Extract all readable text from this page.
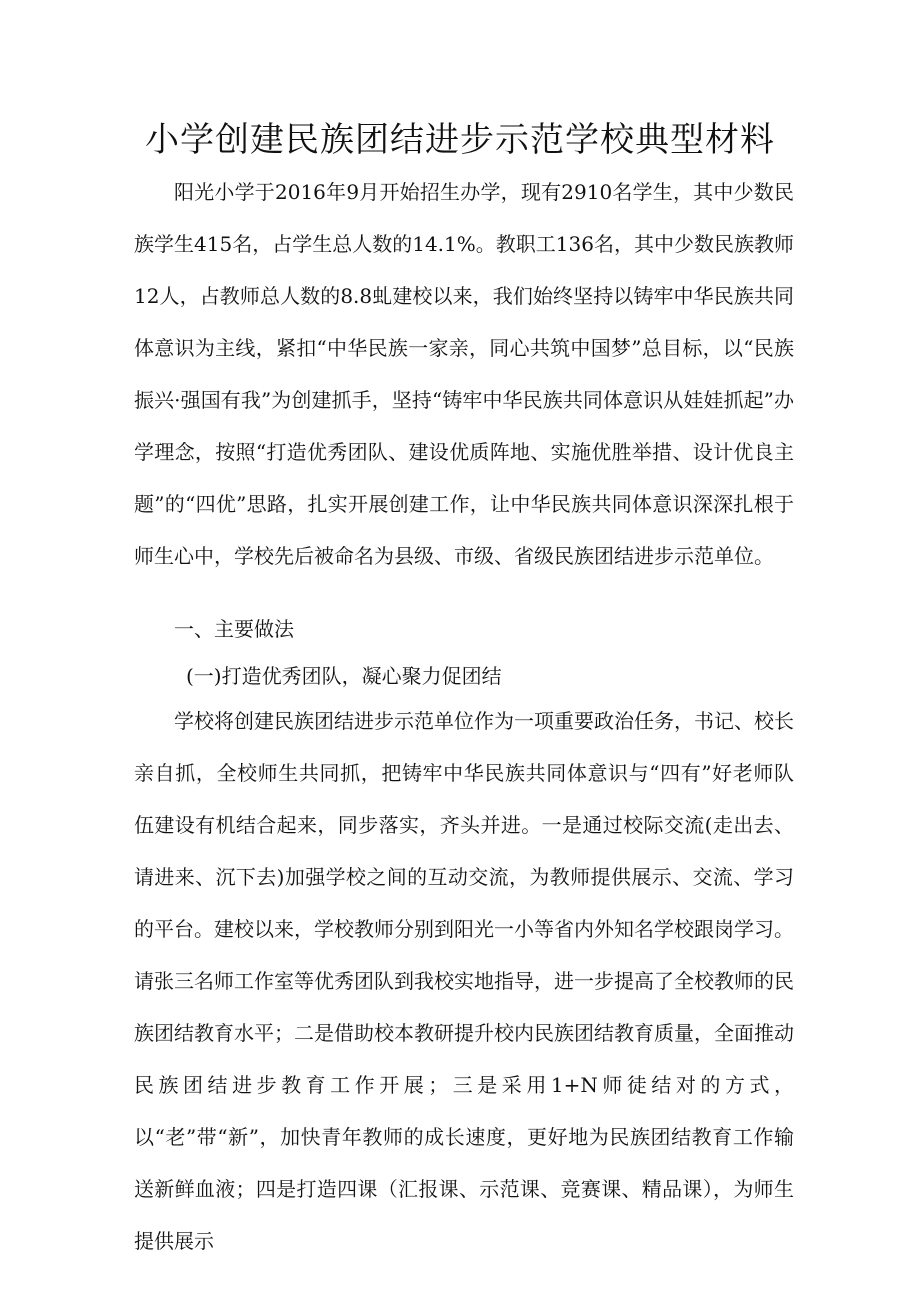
小学创建民族团结进步示范学校典型材料
阳光小学于2016年9月开始招生办学，现有2910名学生，其中少数民族学生415名，占学生总人数的14.1%。教职工136名，其中少数民族教师12人，占教师总人数的8.8虬建校以来，我们始终坚持以铸牢中华民族共同体意识为主线，紧扣“中华民族一家亲，同心共筑中国梦”总目标，以“民族振兴·强国有我”为创建抓手，坚持“铸牢中华民族共同体意识从娃娃抓起”办学理念，按照“打造优秀团队、建设优质阵地、实施优胜举措、设计优良主题”的“四优”思路，扎实开展创建工作，让中华民族共同体意识深深扎根于师生心中，学校先后被命名为县级、市级、省级民族团结进步示范单位。
一、主要做法
(一)打造优秀团队，凝心聚力促团结
学校将创建民族团结进步示范单位作为一项重要政治任务，书记、校长亲自抓，全校师生共同抓，把铸牢中华民族共同体意识与“四有”好老师队伍建设有机结合起来，同步落实，齐头并进。一是通过校际交流(走出去、请进来、沉下去)加强学校之间的互动交流，为教师提供展示、交流、学习的平台。建校以来，学校教师分别到阳光一小等省内外知名学校跟岗学习。请张三名师工作室等优秀团队到我校实地指导，进一步提高了全校教师的民族团结教育水平；二是借助校本教研提升校内民族团结教育质量，全面推动民族团结进步教育工作开展；三是采用1+N师徒结对的方式，以“老”带“新”，加快青年教师的成长速度，更好地为民族团结教育工作输送新鲜血液；四是打造四课（汇报课、示范课、竞赛课、精品课），为师生提供展示
